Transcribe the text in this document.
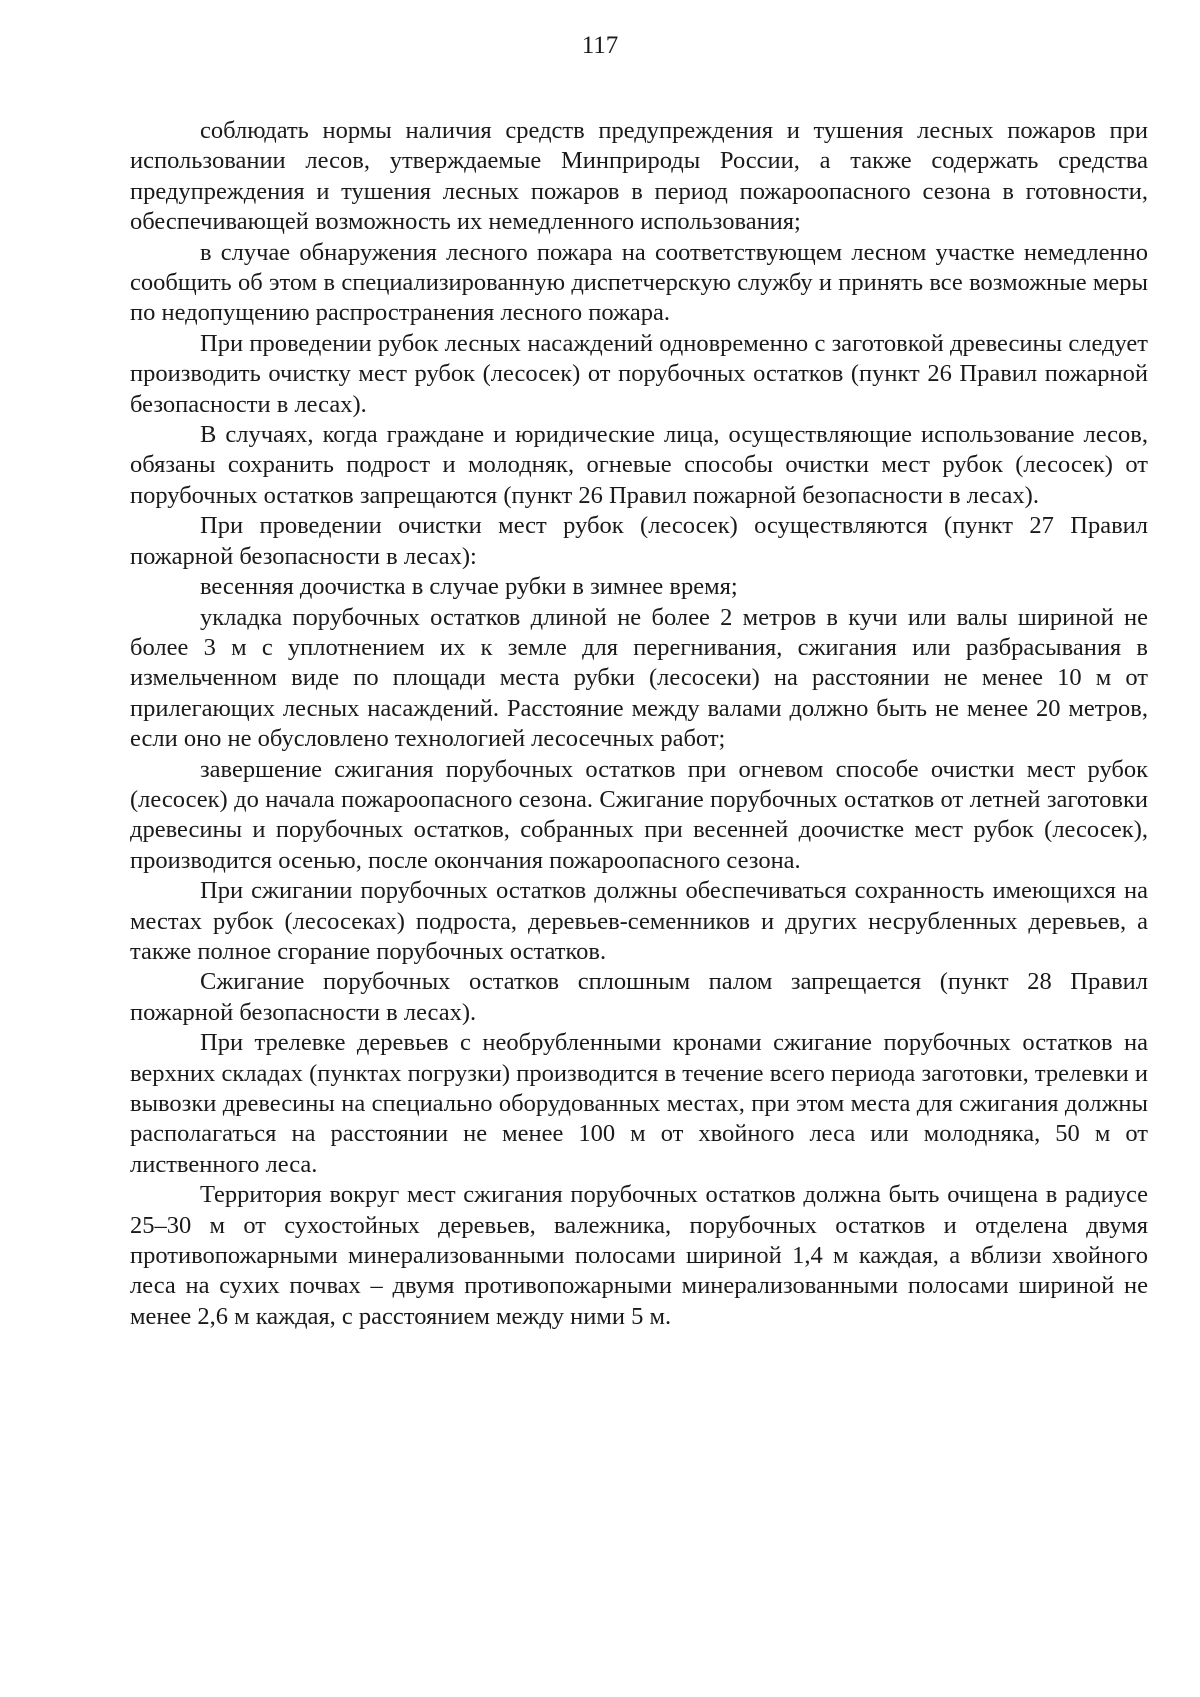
117

соблюдать нормы наличия средств предупреждения и тушения лесных пожаров при использовании лесов, утверждаемые Минприроды России, а также содержать средства предупреждения и тушения лесных пожаров в период пожароопасного сезона в готовности, обеспечивающей возможность их немедленного использования;

в случае обнаружения лесного пожара на соответствующем лесном участке немедленно сообщить об этом в специализированную диспетчерскую службу и принять все возможные меры по недопущению распространения лесного пожара.

При проведении рубок лесных насаждений одновременно с заготовкой древесины следует производить очистку мест рубок (лесосек) от порубочных остатков (пункт 26 Правил пожарной безопасности в лесах).

В случаях, когда граждане и юридические лица, осуществляющие использование лесов, обязаны сохранить подрост и молодняк, огневые способы очистки мест рубок (лесосек) от порубочных остатков запрещаются (пункт 26 Правил пожарной безопасности в лесах).

При проведении очистки мест рубок (лесосек) осуществляются (пункт 27 Правил пожарной безопасности в лесах):

весенняя доочистка в случае рубки в зимнее время;

укладка порубочных остатков длиной не более 2 метров в кучи или валы шириной не более 3 м с уплотнением их к земле для перегнивания, сжигания или разбрасывания в измельченном виде по площади места рубки (лесосеки) на расстоянии не менее 10 м от прилегающих лесных насаждений. Расстояние между валами должно быть не менее 20 метров, если оно не обусловлено технологией лесосечных работ;

завершение сжигания порубочных остатков при огневом способе очистки мест рубок (лесосек) до начала пожароопасного сезона. Сжигание порубочных остатков от летней заготовки древесины и порубочных остатков, собранных при весенней доочистке мест рубок (лесосек), производится осенью, после окончания пожароопасного сезона.

При сжигании порубочных остатков должны обеспечиваться сохранность имеющихся на местах рубок (лесосеках) подроста, деревьев-семенников и других несрубленных деревьев, а также полное сгорание порубочных остатков.

Сжигание порубочных остатков сплошным палом запрещается (пункт 28 Правил пожарной безопасности в лесах).

При трелевке деревьев с необрубленными кронами сжигание порубочных остатков на верхних складах (пунктах погрузки) производится в течение всего периода заготовки, трелевки и вывозки древесины на специально оборудованных местах, при этом места для сжигания должны располагаться на расстоянии не менее 100 м от хвойного леса или молодняка, 50 м от лиственного леса.

Территория вокруг мест сжигания порубочных остатков должна быть очищена в радиусе 25–30 м от сухостойных деревьев, валежника, порубочных остатков и отделена двумя противопожарными минерализованными полосами шириной 1,4 м каждая, а вблизи хвойного леса на сухих почвах – двумя противопожарными минерализованными полосами шириной не менее 2,6 м каждая, с расстоянием между ними 5 м.
